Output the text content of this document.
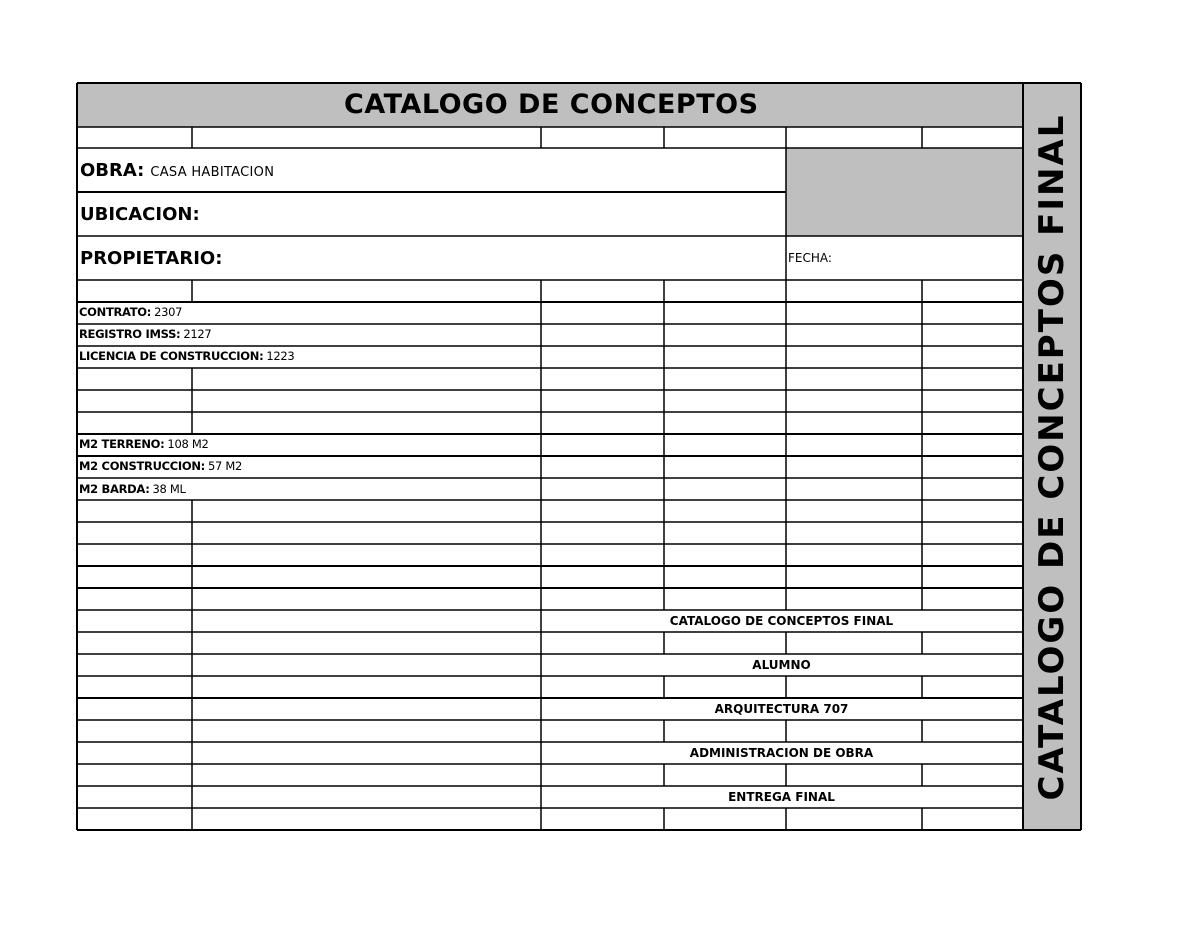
CATALOGO DE CONCEPTOS
OBRA: CASA HABITACION
UBICACION:
PROPIETARIO:	FECHA:
CONTRATO: 2307
REGISTRO IMSS: 2127
LICENCIA DE CONSTRUCCION: 1223
M2 TERRENO: 108 M2
M2 CONSTRUCCION: 57 M2
M2 BARDA: 38 ML
CATALOGO DE CONCEPTOS FINAL
ALUMNO
ARQUITECTURA 707
ADMINISTRACION DE OBRA
ENTREGA FINAL	CATALOGO DE CONCEPTOS FINAL
